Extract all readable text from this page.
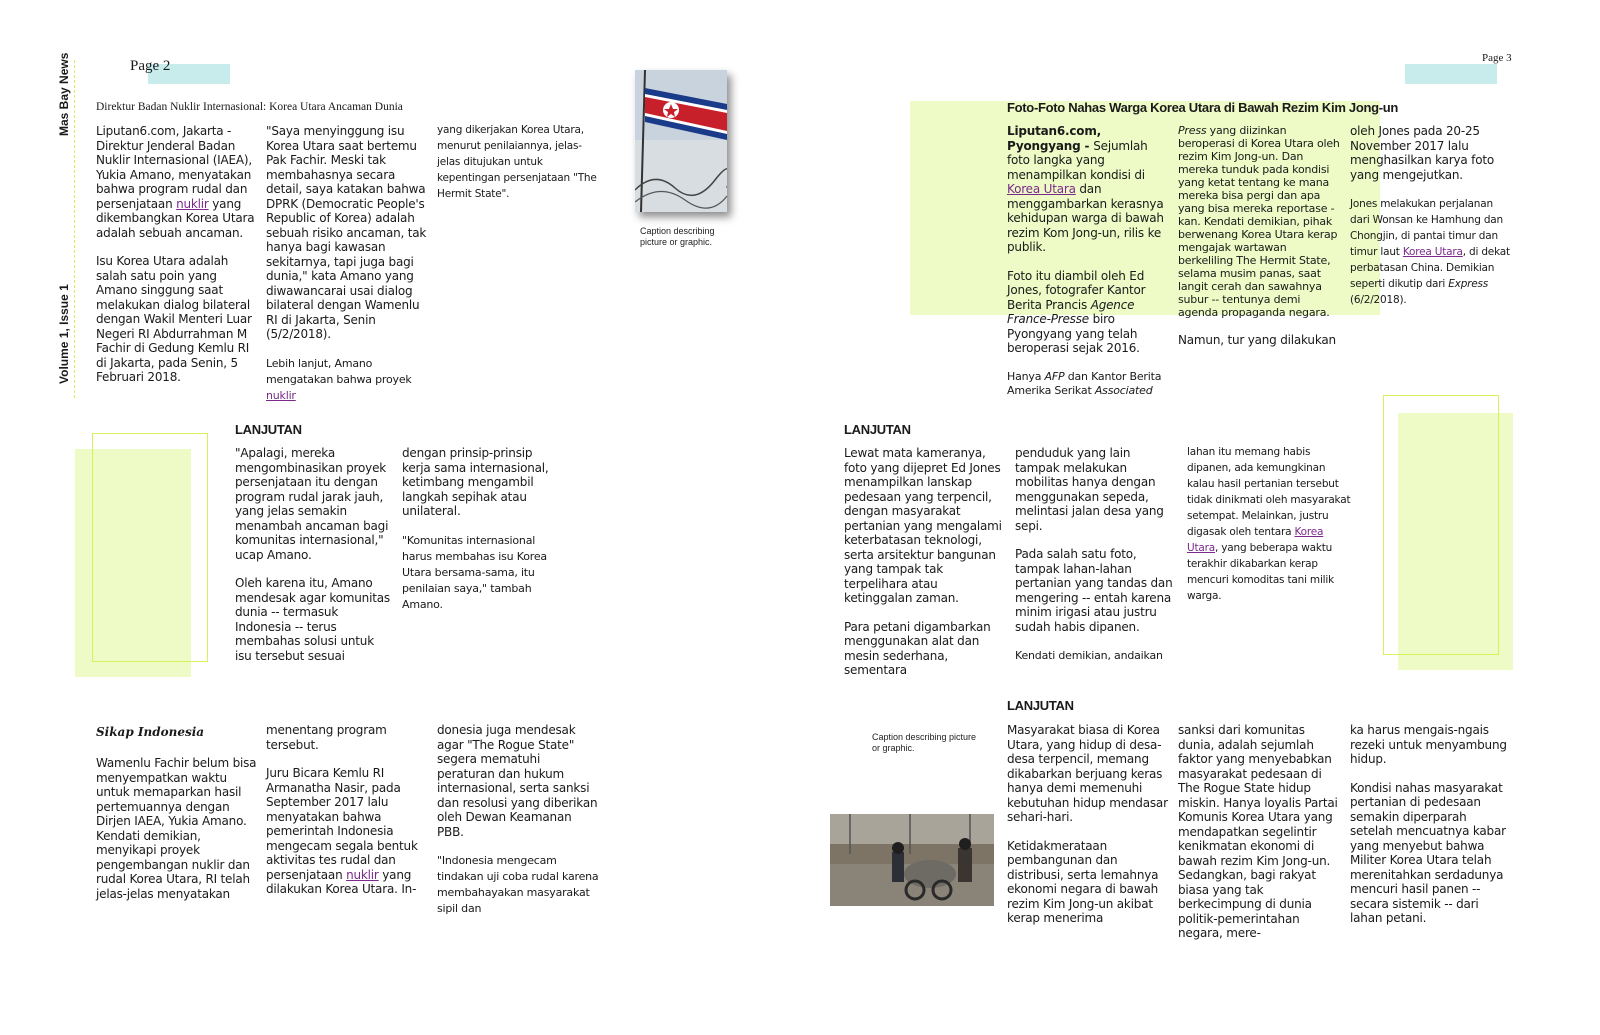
Mas Bay News
Volume 1, Issue 1
Page 2
Direktur Badan Nuklir Internasional: Korea Utara Ancaman Dunia

Liputan6.com, Jakarta - Direktur Jenderal Badan Nuklir Internasional (IAEA), Yukia Amano, menyatakan bahwa program rudal dan persenjataan nuklir yang dikembangkan Korea Utara adalah sebuah ancaman.

Isu Korea Utara adalah salah satu poin yang Amano singgung saat melakukan dialog bilateral dengan Wakil Menteri Luar Negeri RI Abdurrahman M Fachir di Gedung Kemlu RI di Jakarta, pada Senin, 5 Februari 2018.

"Saya menyinggung isu Korea Utara saat bertemu Pak Fachir. Meski tak membahasnya secara detail, saya katakan bahwa DPRK (Democratic People's Republic of Korea) adalah sebuah risiko ancaman, tak hanya bagi kawasan sekitarnya, tapi juga bagi dunia," kata Amano yang diwawancarai usai dialog bilateral dengan Wamenlu RI di Jakarta, Senin (5/2/2018).

Lebih lanjut, Amano mengatakan bahwa proyek nuklir

yang dikerjakan Korea Utara, menurut penilaiannya, jelas-jelas ditujukan untuk kepentingan persenjataan "The Hermit State".

Caption describing picture or graphic.
LANJUTAN

"Apalagi, mereka mengombinasikan proyek persenjataan itu dengan program rudal jarak jauh, yang jelas semakin menambah ancaman bagi komunitas internasional," ucap Amano.

Oleh karena itu, Amano mendesak agar komunitas dunia -- termasuk Indonesia -- terus membahas solusi untuk isu tersebut sesuai

dengan prinsip-prinsip kerja sama internasional, ketimbang mengambil langkah sepihak atau unilateral.

"Komunitas internasional harus membahas isu Korea Utara bersama-sama, itu penilaian saya," tambah Amano.

Sikap Indonesia

Wamenlu Fachir belum bisa menyempatkan waktu untuk memaparkan hasil pertemuannya dengan Dirjen IAEA, Yukia Amano. Kendati demikian, menyikapi proyek pengembangan nuklir dan rudal Korea Utara, RI telah jelas-jelas menyatakan

menentang program tersebut.

Juru Bicara Kemlu RI Armanatha Nasir, pada September 2017 lalu menyatakan bahwa pemerintah Indonesia mengecam segala bentuk aktivitas tes rudal dan persenjataan nuklir yang dilakukan Korea Utara. In-

donesia juga mendesak agar "The Rogue State" segera mematuhi peraturan dan hukum internasional, serta sanksi dan resolusi yang diberikan oleh Dewan Keamanan PBB.

"Indonesia mengecam tindakan uji coba rudal karena membahayakan masyarakat sipil dan

Page 3
Foto-Foto Nahas Warga Korea Utara di Bawah Rezim Kim Jong-un

Liputan6.com, Pyongyang - Sejumlah foto langka yang menampilkan kondisi di Korea Utara dan menggambarkan kerasnya kehidupan warga di bawah rezim Kom Jong-un, rilis ke publik.

Foto itu diambil oleh Ed Jones, fotografer Kantor Berita Prancis Agence France-Presse biro Pyongyang yang telah beroperasi sejak 2016.

Hanya AFP dan Kantor Berita Amerika Serikat Associated

Press yang diizinkan beroperasi di Korea Utara oleh rezim Kim Jong-un. Dan mereka tunduk pada kondisi yang ketat tentang ke mana mereka bisa pergi dan apa yang bisa mereka reportase -kan. Kendati demikian, pihak berwenang Korea Utara kerap mengajak wartawan berkeliling The Hermit State, selama musim panas, saat langit cerah dan sawahnya subur -- tentunya demi agenda propaganda negara.

Namun, tur yang dilakukan

oleh Jones pada 20-25 November 2017 lalu menghasilkan karya foto yang mengejutkan.

Jones melakukan perjalanan dari Wonsan ke Hamhung dan Chongjin, di pantai timur dan timur laut Korea Utara, di dekat perbatasan China. Demikian seperti dikutip dari Express (6/2/2018).

LANJUTAN

Lewat mata kameranya, foto yang dijepret Ed Jones menampilkan lanskap pedesaan yang terpencil, dengan masyarakat pertanian yang mengalami keterbatasan teknologi, serta arsitektur bangunan yang tampak tak terpelihara atau ketinggalan zaman.

Para petani digambarkan menggunakan alat dan mesin sederhana, sementara

penduduk yang lain tampak melakukan mobilitas hanya dengan menggunakan sepeda, melintasi jalan desa yang sepi.

Pada salah satu foto, tampak lahan-lahan pertanian yang tandas dan mengering -- entah karena minim irigasi atau justru sudah habis dipanen.

Kendati demikian, andaikan

lahan itu memang habis dipanen, ada kemungkinan kalau hasil pertanian tersebut tidak dinikmati oleh masyarakat setempat. Melainkan, justru digasak oleh tentara Korea Utara, yang beberapa waktu terakhir dikabarkan kerap mencuri komoditas tani milik warga.

Caption describing picture or graphic.
LANJUTAN

Masyarakat biasa di Korea Utara, yang hidup di desa-desa terpencil, memang dikabarkan berjuang keras hanya demi memenuhi kebutuhan hidup mendasar sehari-hari.

Ketidakmerataan pembangunan dan distribusi, serta lemahnya ekonomi negara di bawah rezim Kim Jong-un akibat kerap menerima

sanksi dari komunitas dunia, adalah sejumlah faktor yang menyebabkan masyarakat pedesaan di The Rogue State hidup miskin. Hanya loyalis Partai Komunis Korea Utara yang mendapatkan segelintir kenikmatan ekonomi di bawah rezim Kim Jong-un. Sedangkan, bagi rakyat biasa yang tak berkecimpung di dunia politik-pemerintahan negara, mere-

ka harus mengais-ngais rezeki untuk menyambung hidup.

Kondisi nahas masyarakat pertanian di pedesaan semakin diperparah setelah mencuatnya kabar yang menyebut bahwa Militer Korea Utara telah merenitahkan serdadunya mencuri hasil panen -- secara sistemik -- dari lahan petani.
